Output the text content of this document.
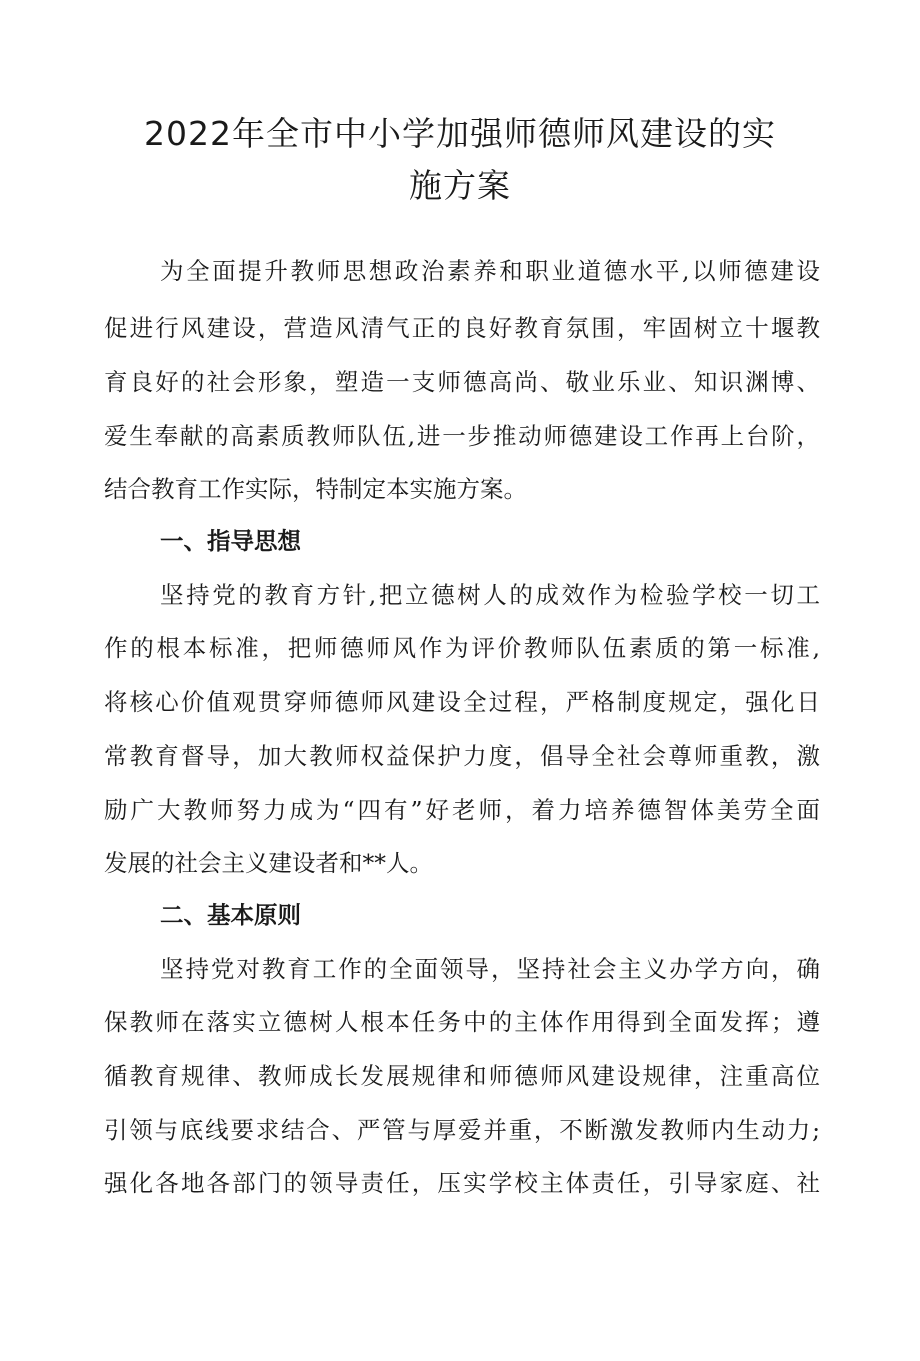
2022年全市中小学加强师德师风建设的实
施方案

为全面提升教师思想政治素养和职业道德水平,以师德建设

促进行风建设，营造风清气正的良好教育氛围，牢固树立十堰教

育良好的社会形象，塑造一支师德高尚、敬业乐业、知识渊博、

爱生奉献的高素质教师队伍,进一步推动师德建设工作再上台阶，

结合教育工作实际，特制定本实施方案。

一、指导思想

坚持党的教育方针,把立德树人的成效作为检验学校一切工

作的根本标准，把师德师风作为评价教师队伍素质的第一标准,

将核心价值观贯穿师德师风建设全过程，严格制度规定，强化日

常教育督导，加大教师权益保护力度，倡导全社会尊师重教，激

励广大教师努力成为“四有”好老师，着力培养德智体美劳全面

发展的社会主义建设者和**人。

二、基本原则

坚持党对教育工作的全面领导，坚持社会主义办学方向，确

保教师在落实立德树人根本任务中的主体作用得到全面发挥；遵

循教育规律、教师成长发展规律和师德师风建设规律，注重高位

引领与底线要求结合、严管与厚爱并重，不断激发教师内生动力;

强化各地各部门的领导责任，压实学校主体责任，引导家庭、社
